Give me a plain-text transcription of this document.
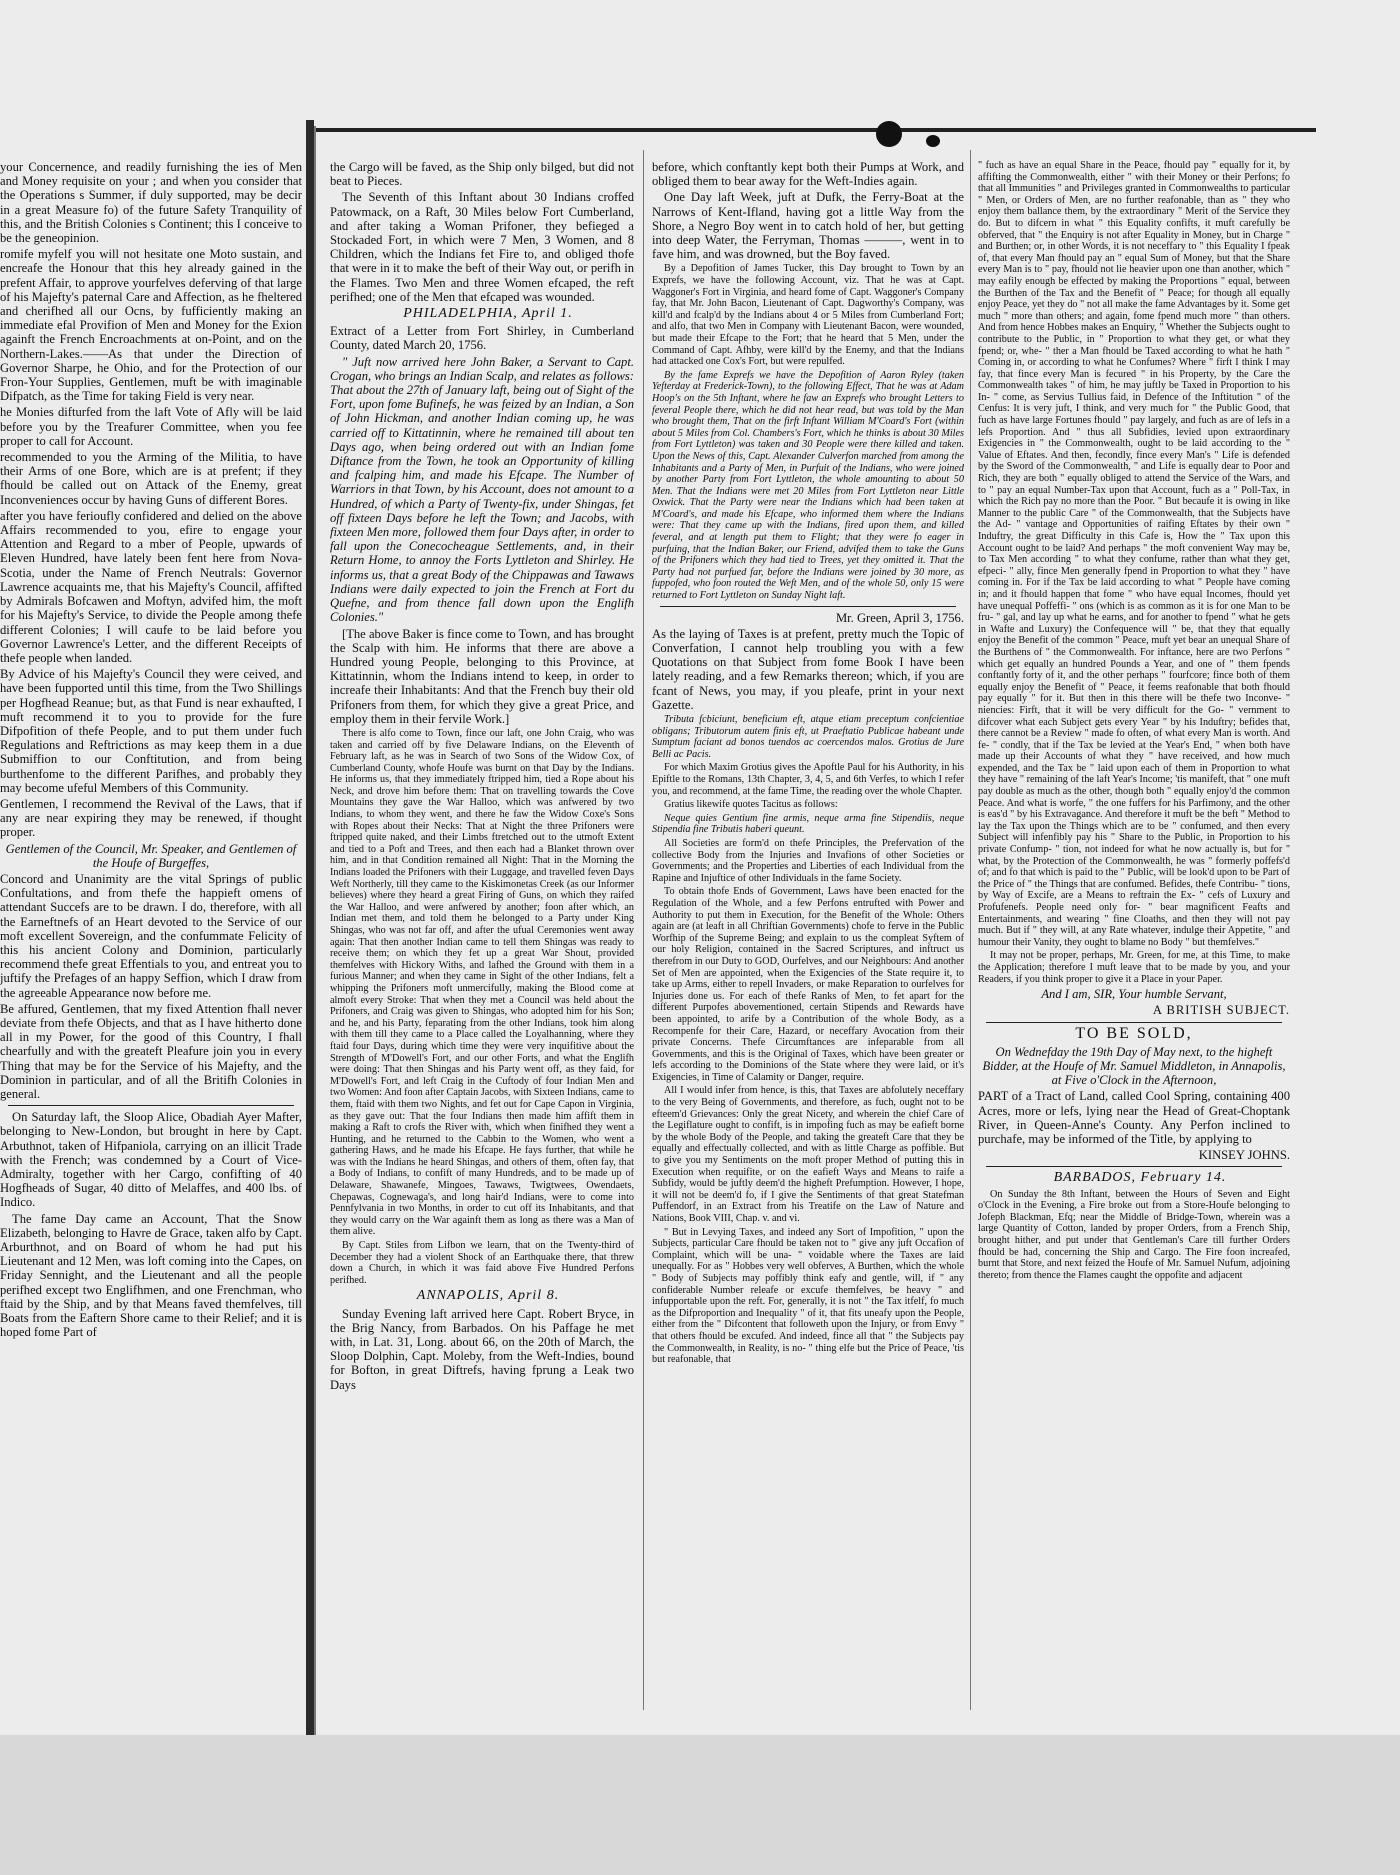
your Concernence, and readily furnishing the ies of Men and Money requisite on your ; and when you consider that the Operations s Summer, if duly supported, may be decir in a great Measure fo) of the future Safety Tranquility of this, and the British Colonies s Continent; this I conceive to be the geneopinion.

romife myfelf you will not hesitate one Moto sustain, and encreafe the Honour that this hey already gained in the prefent Affair, to approve yourfelves deferving of that large of his Majefty's paternal Care and Affection, as he fheltered and cherifhed all our Ocns, by fufficiently making an immediate efal Provifion of Men and Money for the Exion againft the French Encroachments at on-Point, and on the Northern-Lakes.——As that under the Direction of Governor Sharpe, he Ohio, and for the Protection of our Fron-Your Supplies, Gentlemen, muft be with imaginable Difpatch, as the Time for taking Field is very near.

he Monies difturfed from the laft Vote of Afly will be laid before you by the Treafurer Committee, when you fee proper to call for Account.

recommended to you the Arming of the Militia, to have their Arms of one Bore, which are is at prefent; if they fhould be called out on Attack of the Enemy, great Inconveniences occur by having Guns of different Bores.

after you have ferioufly confidered and delied on the above Affairs recommended to you, efire to engage your Attention and Regard to a mber of People, upwards of Eleven Hundred, have lately been fent here from Nova-Scotia, under the Name of French Neutrals: Governor Lawrence acquaints me, that his Majefty's Council, affifted by Admirals Bofcawen and Moftyn, advifed him, the moft for his Majefty's Service, to divide the People among thefe different Colonies; I will caufe to be laid before you Governor Lawrence's Letter, and the different Receipts of thefe people when landed.

By Advice of his Majefty's Council they were ceived, and have been fupported until this time, from the Two Shillings per Hogfhead Reanue; but, as that Fund is near exhaufted, I muft recommend it to you to provide for the fure Difpofition of thefe People, and to put them under fuch Regulations and Reftrictions as may keep them in a due Submiffion to our Conftitution, and from being burthenfome to the different Parifhes, and probably they may become ufeful Members of this Community.

Gentlemen, I recommend the Revival of the Laws, that if any are near expiring they may be renewed, if thought proper.

Gentlemen of the Council, Mr. Speaker, and Gentlemen of the Houfe of Burgeffes,

Concord and Unanimity are the vital Springs of public Confultations, and from thefe the happieft omens of attendant Succefs are to be drawn. I do, therefore, with all the Earneftnefs of an Heart devoted to the Service of our moft excellent Sovereign, and the confummate Felicity of this his ancient Colony and Dominion, particularly recommend thefe great Effentials to you, and entreat you to juftify the Prefages of an happy Seffion, which I draw from the agreeable Appearance now before me.

Be affured, Gentlemen, that my fixed Attention fhall never deviate from thefe Objects, and that as I have hitherto done all in my Power, for the good of this Country, I fhall chearfully and with the greateft Pleafure join you in every Thing that may be for the Service of his Majefty, and the Dominion in particular, and of all the Britifh Colonies in general.

On Saturday laft, the Sloop Alice, Obadiah Ayer Mafter, belonging to New-London, but brought in here by Capt. Arbuthnot, taken of Hifpaniola, carrying on an illicit Trade with the French; was condemned by a Court of Vice-Admiralty, together with her Cargo, confifting of 40 Hogfheads of Sugar, 40 ditto of Melaffes, and 400 lbs. of Indico.

The fame Day came an Account, That the Snow Elizabeth, belonging to Havre de Grace, taken alfo by Capt. Arburthnot, and on Board of whom he had put his Lieutenant and 12 Men, was loft coming into the Capes, on Friday Sennight, and the Lieutenant and all the people perifhed except two Englifhmen, and one Frenchman, who ftaid by the Ship, and by that Means faved themfelves, till Boats from the Eaftern Shore came to their Relief; and it is hoped fome Part of

the Cargo will be faved, as the Ship only bilged, but did not beat to Pieces.

The Seventh of this Inftant about 30 Indians croffed Patowmack, on a Raft, 30 Miles below Fort Cumberland, and after taking a Woman Prifoner, they befieged a Stockaded Fort, in which were 7 Men, 3 Women, and 8 Children, which the Indians fet Fire to, and obliged thofe that were in it to make the beft of their Way out, or perifh in the Flames. Two Men and three Women efcaped, the reft perifhed; one of the Men that efcaped was wounded.

PHILADELPHIA, April 1.

Extract of a Letter from Fort Shirley, in Cumberland County, dated March 20, 1756.

" Juft now arrived here John Baker, a Servant to Capt. Crogan, who brings an Indian Scalp, and relates as follows: That about the 27th of January laft, being out of Sight of the Fort, upon fome Bufinefs, he was feized by an Indian, a Son of John Hickman, and another Indian coming up, he was carried off to Kittatinnin, where he remained till about ten Days ago, when being ordered out with an Indian fome Diftance from the Town, he took an Opportunity of killing and fcalping him, and made his Efcape. The Number of Warriors in that Town, by his Account, does not amount to a Hundred, of which a Party of Twenty-fix, under Shingas, fet off fixteen Days before he left the Town; and Jacobs, with fixteen Men more, followed them four Days after, in order to fall upon the Conecocheague Settlements, and, in their Return Home, to annoy the Forts Lyttleton and Shirley. He informs us, that a great Body of the Chippawas and Tawaws Indians were daily expected to join the French at Fort du Quefne, and from thence fall down upon the Englifh Colonies."

[The above Baker is fince come to Town, and has brought the Scalp with him. He informs that there are above a Hundred young People, belonging to this Province, at Kittatinnin, whom the Indians intend to keep, in order to increafe their Inhabitants: And that the French buy their old Prifoners from them, for which they give a great Price, and employ them in their fervile Work.]

There is alfo come to Town, fince our laft, one John Craig, who was taken and carried off by five Delaware Indians, on the Eleventh of February laft, as he was in Search of two Sons of the Widow Cox, of Cumberland County, whofe Houfe was burnt on that Day by the Indians. He informs us, that they immediately ftripped him, tied a Rope about his Neck, and drove him before them: That on travelling towards the Cove Mountains they gave the War Halloo, which was anfwered by two Indians, to whom they went, and there he faw the Widow Coxe's Sons with Ropes about their Necks: That at Night the three Prifoners were ftripped quite naked, and their Limbs ftretched out to the utmoft Extent and tied to a Poft and Trees, and then each had a Blanket thrown over him, and in that Condition remained all Night: That in the Morning the Indians loaded the Prifoners with their Luggage, and travelled feven Days Weft Northerly, till they came to the Kiskimonetas Creek (as our Informer believes) where they heard a great Firing of Guns, on which they raifed the War Halloo, and were anfwered by another; foon after which, an Indian met them, and told them he belonged to a Party under King Shingas, who was not far off, and after the ufual Ceremonies went away again: That then another Indian came to tell them Shingas was ready to receive them; on which they fet up a great War Shout, provided themfelves with Hickory Withs, and lafhed the Ground with them in a furious Manner; and when they came in Sight of the other Indians, felt a whipping the Prifoners moft unmercifully, making the Blood come at almoft every Stroke: That when they met a Council was held about the Prifoners, and Craig was given to Shingas, who adopted him for his Son; and he, and his Party, feparating from the other Indians, took him along with them till they came to a Place called the Loyalhanning, where they ftaid four Days, during which time they were very inquifitive about the Strength of M'Dowell's Fort, and our other Forts, and what the Englifh were doing: That then Shingas and his Party went off, as they faid, for M'Dowell's Fort, and left Craig in the Cuftody of four Indian Men and two Women: And foon after Captain Jacobs, with Sixteen Indians, came to them, ftaid with them two Nights, and fet out for Cape Capon in Virginia, as they gave out: That the four Indians then made him affift them in making a Raft to crofs the River with, which when finifhed they went a Hunting, and he returned to the Cabbin to the Women, who went a gathering Haws, and he made his Efcape. He fays further, that while he was with the Indians he heard Shingas, and others of them, often fay, that a Body of Indians, to confift of many Hundreds, and to be made up of Delaware, Shawanefe, Mingoes, Tawaws, Twigtwees, Owendaets, Chepawas, Cognewaga's, and long hair'd Indians, were to come into Pennfylvania in two Months, in order to cut off its Inhabitants, and that they would carry on the War againft them as long as there was a Man of them alive.

By Capt. Stiles from Lifbon we learn, that on the Twenty-third of December they had a violent Shock of an Earthquake there, that threw down a Church, in which it was faid above Five Hundred Perfons perifhed.

ANNAPOLIS, April 8.

Sunday Evening laft arrived here Capt. Robert Bryce, in the Brig Nancy, from Barbados. On his Paffage he met with, in Lat. 31, Long. about 66, on the 20th of March, the Sloop Dolphin, Capt. Moleby, from the Weft-Indies, bound for Bofton, in great Diftrefs, having fprung a Leak two Days

before, which conftantly kept both their Pumps at Work, and obliged them to bear away for the Weft-Indies again.

One Day laft Week, juft at Dufk, the Ferry-Boat at the Narrows of Kent-Ifland, having got a little Way from the Shore, a Negro Boy went in to catch hold of her, but getting into deep Water, the Ferryman, Thomas ———, went in to fave him, and was drowned, but the Boy faved.

By a Depofition of James Tucker, this Day brought to Town by an Exprefs, we have the following Account, viz. That he was at Capt. Waggoner's Fort in Virginia, and heard fome of Capt. Waggoner's Company fay, that Mr. John Bacon, Lieutenant of Capt. Dagworthy's Company, was kill'd and fcalp'd by the Indians about 4 or 5 Miles from Cumberland Fort; and alfo, that two Men in Company with Lieutenant Bacon, were wounded, but made their Efcape to the Fort; that he heard that 5 Men, under the Command of Capt. Afhby, were kill'd by the Enemy, and that the Indians had attacked one Cox's Fort, but were repulfed.

By the fame Exprefs we have the Depofition of Aaron Ryley (taken Yefterday at Frederick-Town), to the following Effect, That he was at Adam Hoop's on the 5th Inftant, where he faw an Exprefs who brought Letters to feveral People there, which he did not hear read, but was told by the Man who brought them, That on the firft Inftant William M'Coard's Fort (within about 5 Miles from Col. Chambers's Fort, which he thinks is about 30 Miles from Fort Lyttleton) was taken and 30 People were there killed and taken. Upon the News of this, Capt. Alexander Culverfon marched from among the Inhabitants and a Party of Men, in Purfuit of the Indians, who were joined by another Party from Fort Lyttleton, the whole amounting to about 50 Men. That the Indians were met 20 Miles from Fort Lyttleton near Little Oxwick. That the Party were near the Indians which had been taken at M'Coard's, and made his Efcape, who informed them where the Indians were: That they came up with the Indians, fired upon them, and killed feveral, and at length put them to Flight; that they were fo eager in purfuing, that the Indian Baker, our Friend, advifed them to take the Guns of the Prifoners which they had tied to Trees, yet they omitted it. That the Party had not purfued far, before the Indians were joined by 30 more, as fuppofed, who foon routed the Weft Men, and of the whole 50, only 15 were returned to Fort Lyttleton on Sunday Night laft.

Mr. Green, April 3, 1756.

As the laying of Taxes is at prefent, pretty much the Topic of Converfation, I cannot help troubling you with a few Quotations on that Subject from fome Book I have been lately reading, and a few Remarks thereon; which, if you are fcant of News, you may, if you pleafe, print in your next Gazette.

Tributa fcbiciunt, beneficium eft, atque etiam preceptum confcientiae obligans; Tributorum autem finis eft, ut Praeftatio Publicae habeant unde Sumptum faciant ad bonos tuendos ac coercendos malos. Grotius de Jure Belli ac Pacis.

For which Maxim Grotius gives the Apoftle Paul for his Authority, in his Epiftle to the Romans, 13th Chapter, 3, 4, 5, and 6th Verfes, to which I refer you, and recommend, at the fame Time, the reading over the whole Chapter.

Gratius likewife quotes Tacitus as follows:

Neque quies Gentium fine armis, neque arma fine Stipendiis, neque Stipendia fine Tributis haberi queunt.

All Societies are form'd on thefe Principles, the Prefervation of the collective Body from the Injuries and Invafions of other Societies or Governments; and the Properties and Liberties of each Individual from the Rapine and Injuftice of other Individuals in the fame Society.

To obtain thofe Ends of Government, Laws have been enacted for the Regulation of the Whole, and a few Perfons entrufted with Power and Authority to put them in Execution, for the Benefit of the Whole: Others again are (at leaft in all Chriftian Governments) chofe to ferve in the Public Worfhip of the Supreme Being; and explain to us the compleat Syftem of our holy Religion, contained in the Sacred Scriptures, and inftruct us therefrom in our Duty to GOD, Ourfelves, and our Neighbours: And another Set of Men are appointed, when the Exigencies of the State require it, to take up Arms, either to repell Invaders, or make Reparation to ourfelves for Injuries done us. For each of thefe Ranks of Men, to fet apart for the different Purpofes abovementioned, certain Stipends and Rewards have been appointed, to arife by a Contribution of the whole Body, as a Recompenfe for their Care, Hazard, or neceffary Avocation from their private Concerns. Thefe Circumftances are infeparable from all Governments, and this is the Original of Taxes, which have been greater or lefs according to the Dominions of the State where they were laid, or it's Exigencies, in Time of Calamity or Danger, require.

All I would infer from hence, is this, that Taxes are abfolutely neceffary to the very Being of Governments, and therefore, as fuch, ought not to be efteem'd Grievances: Only the great Nicety, and wherein the chief Care of the Legiflature ought to confift, is in impofing fuch as may be eafieft borne by the whole Body of the People, and taking the greateft Care that they be equally and effectually collected, and with as little Charge as poffible. But to give you my Sentiments on the moft proper Method of putting this in Execution when requifite, or on the eafieft Ways and Means to raife a Subfidy, would be juftly deem'd the higheft Prefumption. However, I hope, it will not be deem'd fo, if I give the Sentiments of that great Statefman Puffendorf, in an Extract from his Treatife on the Law of Nature and Nations, Book VIII, Chap. v. and vi.

" But in Levying Taxes, and indeed any Sort of Impofition, " upon the Subjects, particular Care fhould be taken not to " give any juft Occafion of Complaint, which will be una- " voidable where the Taxes are laid unequally. For as " Hobbes very well obferves, A Burthen, which the whole " Body of Subjects may poffibly think eafy and gentle, will, if " any confiderable Number releafe or excufe themfelves, be heavy " and infupportable upon the reft. For, generally, it is not " the Tax itfelf, fo much as the Difproportion and Inequality " of it, that fits uneafy upon the People, either from the " Difcontent that followeth upon the Injury, or from Envy " that others fhould be excufed. And indeed, fince all that " the Subjects pay the Commonwealth, in Reality, is no- " thing elfe but the Price of Peace, 'tis but reafonable, that

" fuch as have an equal Share in the Peace, fhould pay " equally for it, by affifting the Commonwealth, either " with their Money or their Perfons; fo that all Immunities " and Privileges granted in Commonwealths to particular " Men, or Orders of Men, are no further reafonable, than as " they who enjoy them ballance them, by the extraordinary " Merit of the Service they do. But to difcern in what " this Equality confifts, it muft carefully be obferved, that " the Enquiry is not after Equality in Money, but in Charge " and Burthen; or, in other Words, it is not neceffary to " this Equality I fpeak of, that every Man fhould pay an " equal Sum of Money, but that the Share every Man is to " pay, fhould not lie heavier upon one than another, which " may eafily enough be effected by making the Proportions " equal, between the Burthen of the Tax and the Benefit of " Peace; for though all equally enjoy Peace, yet they do " not all make the fame Advantages by it. Some get much " more than others; and again, fome fpend much more " than others. And from hence Hobbes makes an Enquiry, " Whether the Subjects ought to contribute to the Public, in " Proportion to what they get, or what they fpend; or, whe- " ther a Man fhould be Taxed according to what he hath " Coming in, or according to what he Confumes? Where " firft I think I may fay, that fince every Man is fecured " in his Property, by the Care the Commonwealth takes " of him, he may juftly be Taxed in Proportion to his In- " come, as Servius Tullius faid, in Defence of the Inftitution " of the Cenfus: It is very juft, I think, and very much for " the Public Good, that fuch as have large Fortunes fhould " pay largely, and fuch as are of lefs in a lefs Proportion. And " thus all Subfidies, levied upon extraordinary Exigencies in " the Commonwealth, ought to be laid according to the " Value of Eftates. And then, fecondly, fince every Man's " Life is defended by the Sword of the Commonwealth, " and Life is equally dear to Poor and Rich, they are both " equally obliged to attend the Service of the Wars, and to " pay an equal Number-Tax upon that Account, fuch as a " Poll-Tax, in which the Rich pay no more than the Poor. " But becaufe it is owing in like Manner to the public Care " of the Commonwealth, that the Subjects have the Ad- " vantage and Opportunities of raifing Eftates by their own " Induftry, the great Difficulty in this Cafe is, How the " Tax upon this Account ought to be laid? And perhaps " the moft convenient Way may be, to Tax Men according " to what they confume, rather than what they get, efpeci- " ally, fince Men generally fpend in Proportion to what they " have coming in. For if the Tax be laid according to what " People have coming in; and it fhould happen that fome " who have equal Incomes, fhould yet have unequal Poffeffi- " ons (which is as common as it is for one Man to be fru- " gal, and lay up what he earns, and for another to fpend " what he gets in Wafte and Luxury) the Confequence will " be, that they that equally enjoy the Benefit of the common " Peace, muft yet bear an unequal Share of the Burthens of " the Commonwealth. For inftance, here are two Perfons " which get equally an hundred Pounds a Year, and one of " them fpends conftantly forty of it, and the other perhaps " fourfcore; fince both of them equally enjoy the Benefit of " Peace, it feems reafonable that both fhould pay equally " for it. But then in this there will be thefe two Inconve- " niencies: Firft, that it will be very difficult for the Go- " vernment to difcover what each Subject gets every Year " by his Induftry; befides that, there cannot be a Review " made fo often, of what every Man is worth. And fe- " condly, that if the Tax be levied at the Year's End, " when both have made up their Accounts of what they " have received, and how much expended, and the Tax be " laid upon each of them in Proportion to what they have " remaining of the laft Year's Income; 'tis manifeft, that " one muft pay double as much as the other, though both " equally enjoy'd the common Peace. And what is worfe, " the one fuffers for his Parfimony, and the other is eas'd " by his Extravagance. And therefore it muft be the beft " Method to lay the Tax upon the Things which are to be " confumed, and then every Subject will infenfibly pay his " Share to the Public, in Proportion to his private Confump- " tion, not indeed for what he now actually is, but for " what, by the Protection of the Commonwealth, he was " formerly poffefs'd of; and fo that which is paid to the " Public, will be look'd upon to be Part of the Price of " the Things that are confumed. Befides, thefe Contribu- " tions, by Way of Excife, are a Means to reftrain the Ex- " cefs of Luxury and Profufenefs. People need only for- " bear magnificent Feafts and Entertainments, and wearing " fine Cloaths, and then they will not pay much. But if " they will, at any Rate whatever, indulge their Appetite, " and humour their Vanity, they ought to blame no Body " but themfelves."

It may not be proper, perhaps, Mr. Green, for me, at this Time, to make the Application; therefore I muft leave that to be made by you, and your Readers, if you think proper to give it a Place in your Paper.

And I am, SIR, Your humble Servant,

A BRITISH SUBJECT.

TO BE SOLD,

On Wednefday the 19th Day of May next, to the higheft Bidder, at the Houfe of Mr. Samuel Middleton, in Annapolis, at Five o'Clock in the Afternoon,

PART of a Tract of Land, called Cool Spring, containing 400 Acres, more or lefs, lying near the Head of Great-Choptank River, in Queen-Anne's County. Any Perfon inclined to purchafe, may be informed of the Title, by applying to

KINSEY JOHNS.

BARBADOS, February 14.

On Sunday the 8th Inftant, between the Hours of Seven and Eight o'Clock in the Evening, a Fire broke out from a Store-Houfe belonging to Jofeph Blackman, Efq; near the Middle of Bridge-Town, wherein was a large Quantity of Cotton, landed by proper Orders, from a French Ship, brought hither, and put under that Gentleman's Care till further Orders fhould be had, concerning the Ship and Cargo. The Fire foon increafed, burnt that Store, and next feized the Houfe of Mr. Samuel Nufum, adjoining thereto; from thence the Flames caught the oppofite and adjacent
